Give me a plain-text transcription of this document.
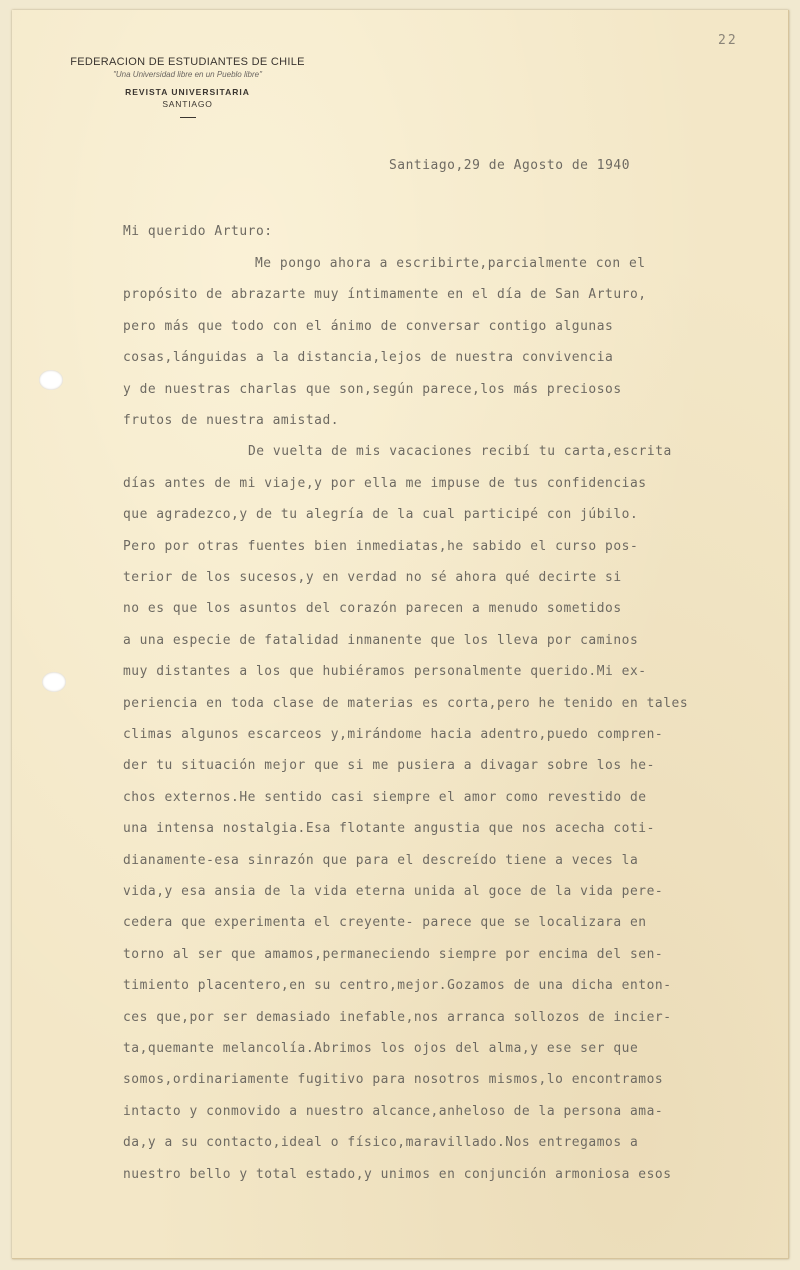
22
FEDERACION DE ESTUDIANTES DE CHILE
"Una Universidad libre en un Pueblo libre"
REVISTA UNIVERSITARIA
SANTIAGO
Santiago,29 de Agosto de 1940
Mi querido Arturo:
Me pongo ahora a escribirte,parcialmente con el
propósito de abrazarte muy íntimamente en el día de San Arturo,
pero más que todo con el ánimo de conversar contigo algunas
cosas,lánguidas a la distancia,lejos de nuestra convivencia
y de nuestras charlas que son,según parece,los más preciosos
frutos de nuestra amistad.
De vuelta de mis vacaciones recibí tu carta,escrita
días antes de mi viaje,y por ella me impuse de tus confidencias
que agradezco,y de tu alegría de la cual participé con júbilo.
Pero por otras fuentes bien inmediatas,he sabido el curso pos-
terior de los sucesos,y en verdad no sé ahora qué decirte si
no es que los asuntos del corazón parecen a menudo sometidos
a una especie de fatalidad inmanente que los lleva por caminos
muy distantes a los que hubiéramos personalmente querido.Mi ex-
periencia en toda clase de materias es corta,pero he tenido en tales
climas algunos escarceos y,mirándome hacia adentro,puedo compren-
der tu situación mejor que si me pusiera a divagar sobre los he-
chos externos.He sentido casi siempre el amor como revestido de
una intensa nostalgia.Esa flotante angustia que nos acecha coti-
dianamente-esa sinrazón que para el descreído tiene a veces la
vida,y esa ansia de la vida eterna unida al goce de la vida pere-
cedera que experimenta el creyente- parece que se localizara en
torno al ser que amamos,permaneciendo siempre por encima del sen-
timiento placentero,en su centro,mejor.Gozamos de una dicha enton-
ces que,por ser demasiado inefable,nos arranca sollozos de incier-
ta,quemante melancolía.Abrimos los ojos del alma,y ese ser que
somos,ordinariamente fugitivo para nosotros mismos,lo encontramos
intacto y conmovido a nuestro alcance,anheloso de la persona ama-
da,y a su contacto,ideal o físico,maravillado.Nos entregamos a
nuestro bello y total estado,y unimos en conjunción armoniosa esos
